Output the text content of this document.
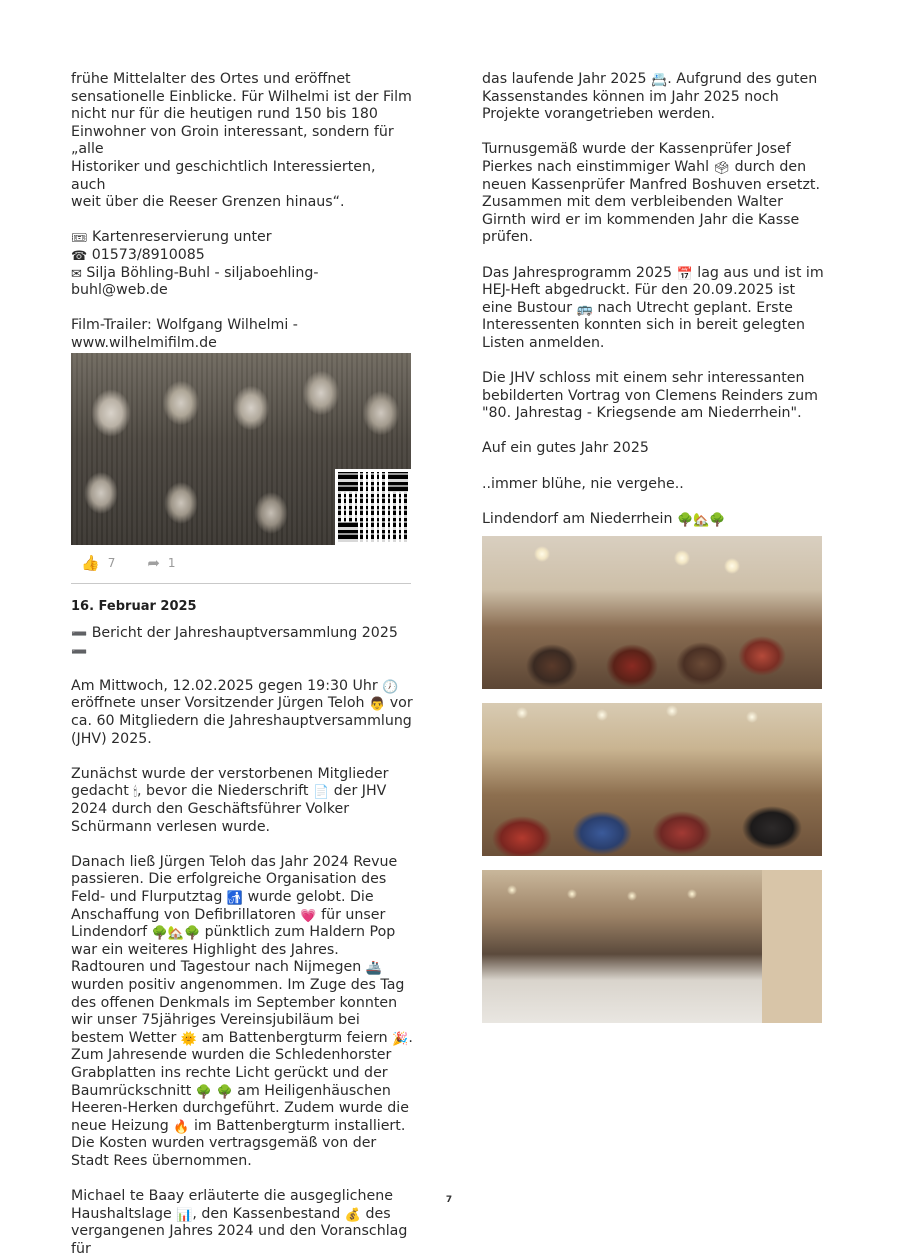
frühe Mittelalter des Ortes und eröffnet
sensationelle Einblicke. Für Wilhelmi ist der Film
nicht nur für die heutigen rund 150 bis 180
Einwohner von Groin interessant, sondern für „alle
Historiker und geschichtlich Interessierten, auch
weit über die Reeser Grenzen hinaus“.
🎟 Kartenreservierung unter
☎ 01573/8910085
✉ Silja Böhling-Buhl - siljaboehling-buhl@web.de
Film-Trailer: Wolfgang Wilhelmi -
www.wilhelmifilm.de
👍 7 ➦ 1
16. Februar 2025
➖ Bericht der Jahreshauptversammlung 2025 ➖
Am Mittwoch, 12.02.2025 gegen 19:30 Uhr 🕖 eröffnete unser Vorsitzender Jürgen Teloh 👨 vor ca. 60 Mitgliedern die Jahreshauptversammlung (JHV) 2025.
Zunächst wurde der verstorbenen Mitglieder gedacht 🕯, bevor die Niederschrift 📄 der JHV 2024 durch den Geschäftsführer Volker Schürmann verlesen wurde.
Danach ließ Jürgen Teloh das Jahr 2024 Revue passieren. Die erfolgreiche Organisation des Feld- und Flurputztag 🚮 wurde gelobt. Die Anschaffung von Defibrillatoren 💗 für unser Lindendorf 🌳🏡🌳 pünktlich zum Haldern Pop war ein weiteres Highlight des Jahres. Radtouren und Tagestour nach Nijmegen 🚢 wurden positiv angenommen. Im Zuge des Tag des offenen Denkmals im September konnten wir unser 75jähriges Vereinsjubiläum bei bestem Wetter 🌞 am Battenbergturm feiern 🎉. Zum Jahresende wurden die Schledenhorster Grabplatten ins rechte Licht gerückt und der Baumrückschnitt 🌳 🌳 am Heiligenhäuschen Heeren-Herken durchgeführt. Zudem wurde die neue Heizung 🔥 im Battenbergturm installiert. Die Kosten wurden vertragsgemäß von der Stadt Rees übernommen.
Michael te Baay erläuterte die ausgeglichene Haushaltslage 📊, den Kassenbestand 💰 des vergangenen Jahres 2024 und den Voranschlag für
das laufende Jahr 2025 📇. Aufgrund des guten Kassenstandes können im Jahr 2025 noch Projekte vorangetrieben werden.
Turnusgemäß wurde der Kassenprüfer Josef Pierkes nach einstimmiger Wahl 🗳 durch den neuen Kassenprüfer Manfred Boshuven ersetzt. Zusammen mit dem verbleibenden Walter Girnth wird er im kommenden Jahr die Kasse prüfen.
Das Jahresprogramm 2025 📅 lag aus und ist im HEJ-Heft abgedruckt. Für den 20.09.2025 ist eine Bustour 🚌 nach Utrecht geplant. Erste Interessenten konnten sich in bereit gelegten Listen anmelden.
Die JHV schloss mit einem sehr interessanten bebilderten Vortrag von Clemens Reinders zum "80. Jahrestag - Kriegsende am Niederrhein".
Auf ein gutes Jahr 2025
..immer blühe, nie vergehe..
Lindendorf am Niederrhein 🌳🏡🌳
7
